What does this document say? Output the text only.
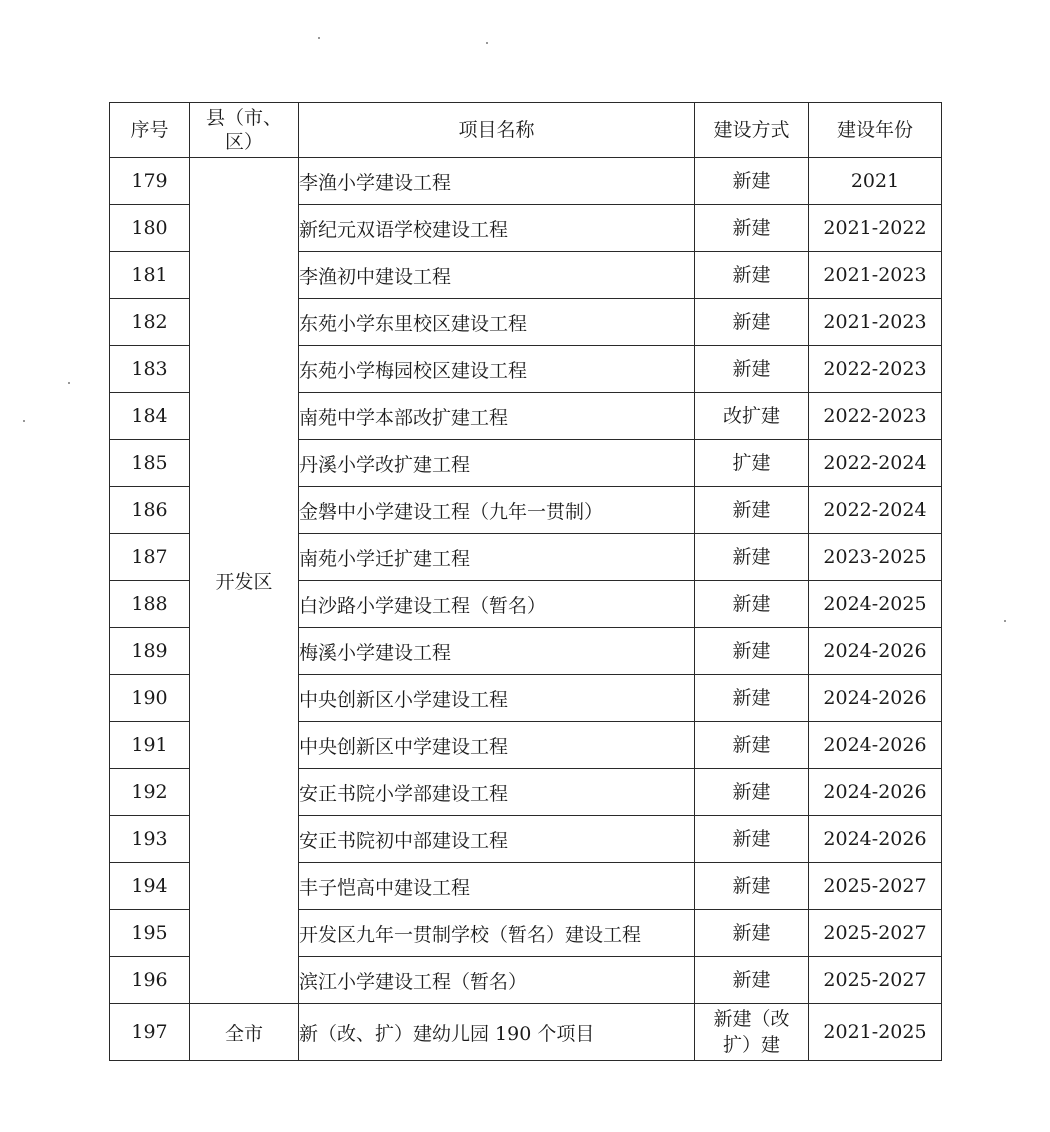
序号	县（市、区）	项目名称	建设方式	建设年份
179	开发区	李渔小学建设工程	新建	2021
180		新纪元双语学校建设工程	新建	2021-2022
181		李渔初中建设工程	新建	2021-2023
182		东苑小学东里校区建设工程	新建	2021-2023
183		东苑小学梅园校区建设工程	新建	2022-2023
184		南苑中学本部改扩建工程	改扩建	2022-2023
185		丹溪小学改扩建工程	扩建	2022-2024
186		金磐中小学建设工程（九年一贯制）	新建	2022-2024
187		南苑小学迁扩建工程	新建	2023-2025
188		白沙路小学建设工程（暂名）	新建	2024-2025
189		梅溪小学建设工程	新建	2024-2026
190		中央创新区小学建设工程	新建	2024-2026
191		中央创新区中学建设工程	新建	2024-2026
192		安正书院小学部建设工程	新建	2024-2026
193		安正书院初中部建设工程	新建	2024-2026
194		丰子恺高中建设工程	新建	2025-2027
195		开发区九年一贯制学校（暂名）建设工程	新建	2025-2027
196		滨江小学建设工程（暂名）	新建	2025-2027
197	全市	新（改、扩）建幼儿园 190 个项目	新建（改扩）建	2021-2025
